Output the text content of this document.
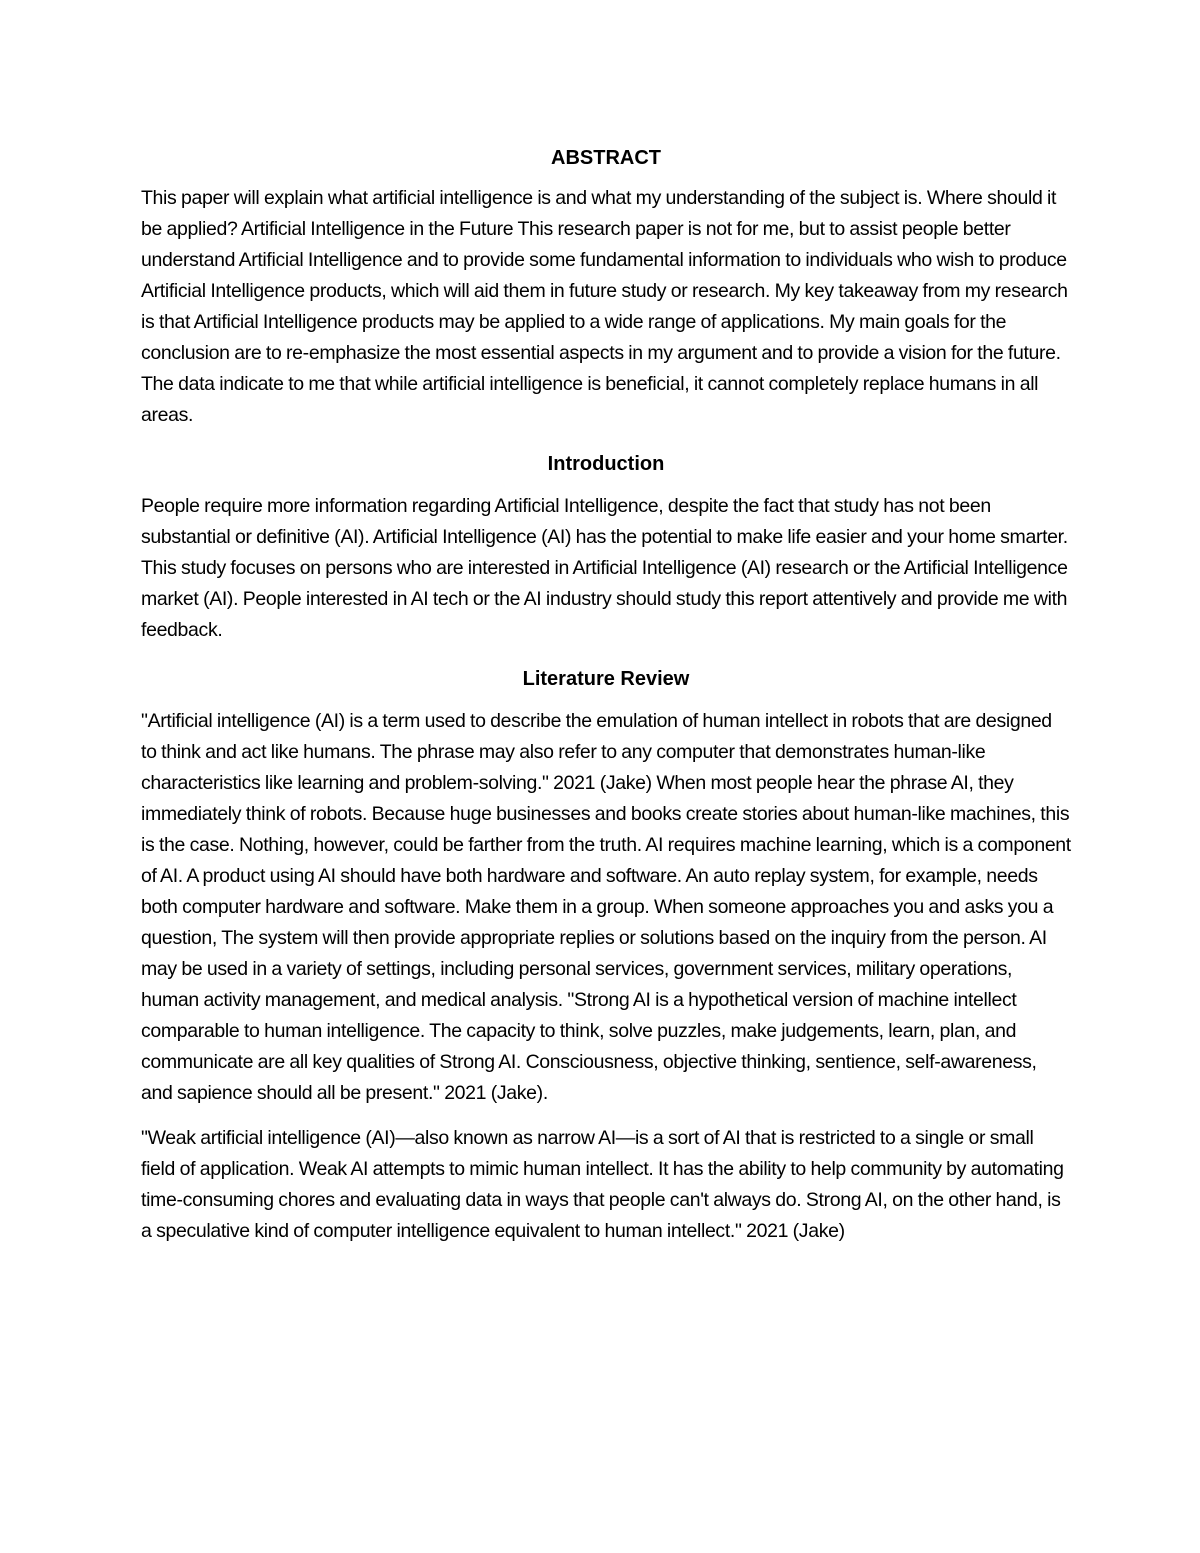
ABSTRACT

This paper will explain what artificial intelligence is and what my understanding of the subject is. Where should it be applied? Artificial Intelligence in the Future This research paper is not for me, but to assist people better understand Artificial Intelligence and to provide some fundamental information to individuals who wish to produce Artificial Intelligence products, which will aid them in future study or research. My key takeaway from my research is that Artificial Intelligence products may be applied to a wide range of applications. My main goals for the conclusion are to re-emphasize the most essential aspects in my argument and to provide a vision for the future. The data indicate to me that while artificial intelligence is beneficial, it cannot completely replace humans in all areas.

Introduction

People require more information regarding Artificial Intelligence, despite the fact that study has not been substantial or definitive (AI). Artificial Intelligence (AI) has the potential to make life easier and your home smarter. This study focuses on persons who are interested in Artificial Intelligence (AI) research or the Artificial Intelligence market (AI). People interested in AI tech or the AI industry should study this report attentively and provide me with feedback.

Literature Review

"Artificial intelligence (AI) is a term used to describe the emulation of human intellect in robots that are designed to think and act like humans. The phrase may also refer to any computer that demonstrates human-like characteristics like learning and problem-solving." 2021 (Jake) When most people hear the phrase AI, they immediately think of robots. Because huge businesses and books create stories about human-like machines, this is the case. Nothing, however, could be farther from the truth. AI requires machine learning, which is a component of AI. A product using AI should have both hardware and software. An auto replay system, for example, needs both computer hardware and software. Make them in a group. When someone approaches you and asks you a question, The system will then provide appropriate replies or solutions based on the inquiry from the person. AI may be used in a variety of settings, including personal services, government services, military operations, human activity management, and medical analysis. "Strong AI is a hypothetical version of machine intellect comparable to human intelligence. The capacity to think, solve puzzles, make judgements, learn, plan, and communicate are all key qualities of Strong AI. Consciousness, objective thinking, sentience, self-awareness, and sapience should all be present." 2021 (Jake).

"Weak artificial intelligence (AI)—also known as narrow AI—is a sort of AI that is restricted to a single or small field of application. Weak AI attempts to mimic human intellect. It has the ability to help community by automating time-consuming chores and evaluating data in ways that people can't always do. Strong AI, on the other hand, is a speculative kind of computer intelligence equivalent to human intellect." 2021 (Jake)
